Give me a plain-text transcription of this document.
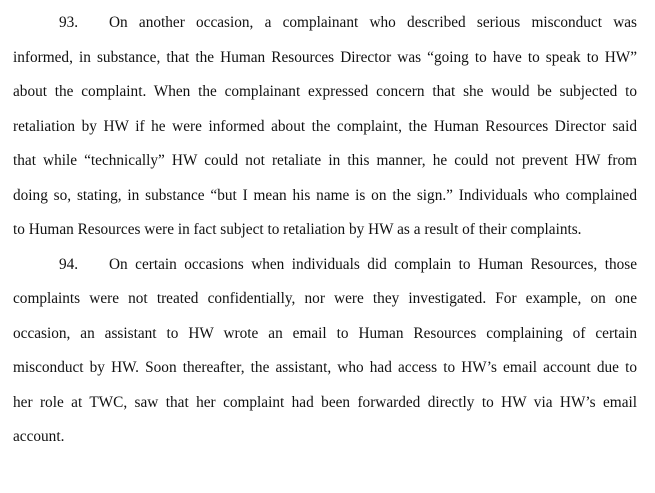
93.	On another occasion, a complainant who described serious misconduct was
informed, in substance, that the Human Resources Director was “going to have to speak to HW”
about the complaint. When the complainant expressed concern that she would be subjected to
retaliation by HW if he were informed about the complaint, the Human Resources Director said
that while “technically” HW could not retaliate in this manner, he could not prevent HW from
doing so, stating, in substance “but I mean his name is on the sign.” Individuals who complained
to Human Resources were in fact subject to retaliation by HW as a result of their complaints.
94.	On certain occasions when individuals did complain to Human Resources, those
complaints were not treated confidentially, nor were they investigated. For example, on one
occasion, an assistant to HW wrote an email to Human Resources complaining of certain
misconduct by HW. Soon thereafter, the assistant, who had access to HW’s email account due to
her role at TWC, saw that her complaint had been forwarded directly to HW via HW’s email
account.
